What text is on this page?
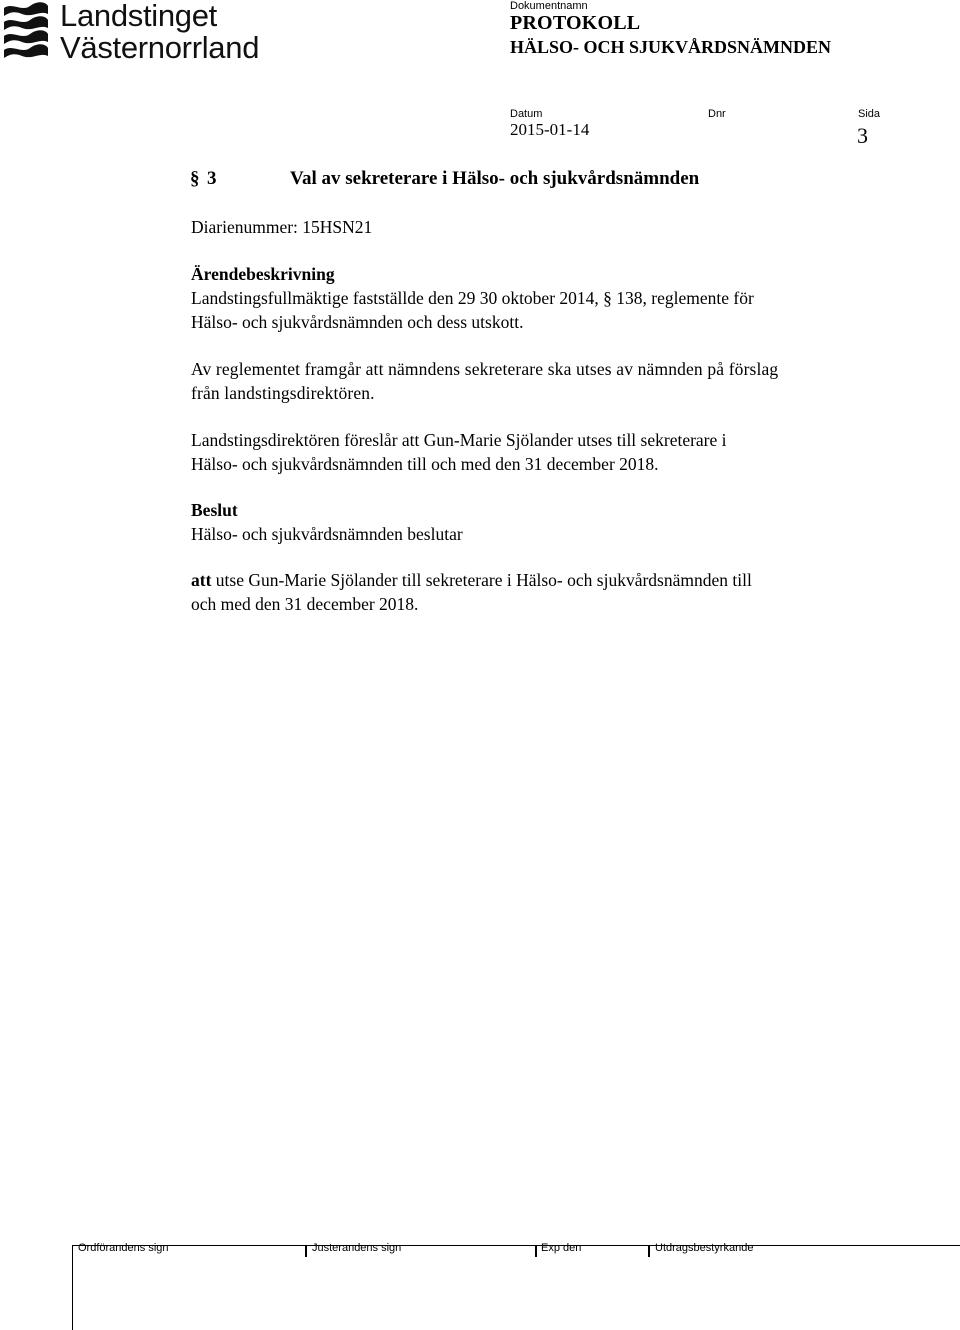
Landstinget
Västernorrland
Dokumentnamn
PROTOKOLL
HÄLSO- OCH SJUKVÅRDSNÄMNDEN
Datum	Dnr	Sida
2015-01-14	3
§ 3	Val av sekreterare i Hälso- och sjukvårdsnämnden
Diarienummer: 15HSN21
Ärendebeskrivning
Landstingsfullmäktige fastställde den 29 30 oktober 2014, § 138, reglemente för
Hälso- och sjukvårdsnämnden och dess utskott.
Av reglementet framgår att nämndens sekreterare ska utses av nämnden på förslag
från landstingsdirektören.
Landstingsdirektören föreslår att Gun-Marie Sjölander utses till sekreterare i
Hälso- och sjukvårdsnämnden till och med den 31 december 2018.
Beslut
Hälso- och sjukvårdsnämnden beslutar
att utse Gun-Marie Sjölander till sekreterare i Hälso- och sjukvårdsnämnden till
och med den 31 december 2018.
Ordförandens sign	Justerandens sign	Exp den	Utdragsbestyrkande
